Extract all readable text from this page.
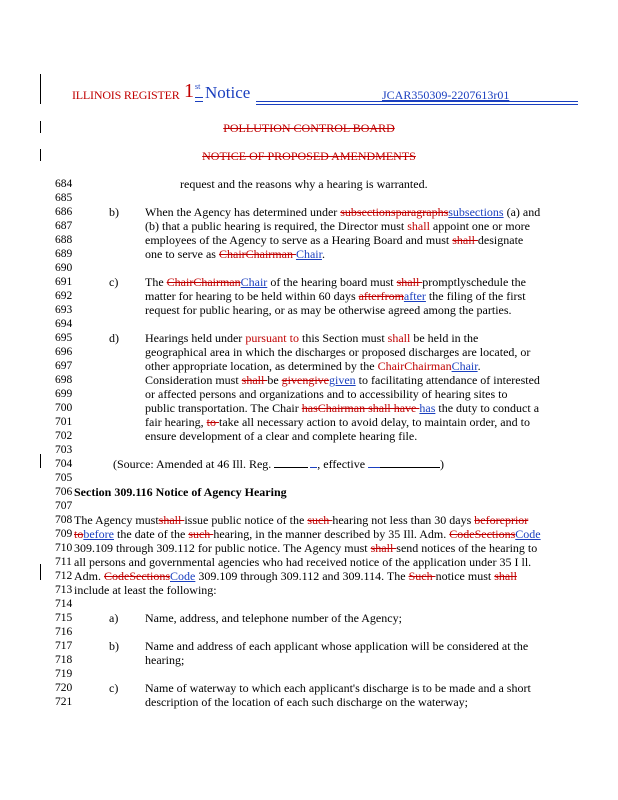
ILLINOIS REGISTER 1 st Notice	JCAR350309-2207613r01
POLLUTION CONTROL BOARD
NOTICE OF PROPOSED AMENDMENTS
684	request and the reasons why a hearing is warranted.
685
686	b) When the Agency has determined under subsectionsparagraphssubsections (a) and
687	(b) that a public hearing is required, the Director must shall appoint one or more
688	employees of the Agency to serve as a Hearing Board and must shall designate
689	one to serve as ChairChairman Chair.
690
691	c) The ChairChairmanChair of the hearing board must shall promptlyschedule the
692	matter for hearing to be held within 60 days afterfromafter the filing of the first
693	request for public hearing, or as may be otherwise agreed among the parties.
694
695	d) Hearings held under pursuant to this Section must shall be held in the
696	geographical area in which the discharges or proposed discharges are located, or
697	other appropriate location, as determined by the ChairChairmanChair.
698	Consideration must shall be givengivegiven to facilitating attendance of interested
699	or affected persons and organizations and to accessibility of hearing sites to
700	public transportation. The Chair hasChairman shall have has the duty to conduct a
701	fair hearing, to take all necessary action to avoid delay, to maintain order, and to
702	ensure development of a clear and complete hearing file.
703
704	(Source: Amended at 46 Ill. Reg.	, effective	)
705
706 Section 309.116 Notice of Agency Hearing
707
708 The Agency mustshall issue public notice of the such hearing not less than 30 days beforeprior
709 tobefore the date of the such hearing, in the manner described by 35 Ill. Adm. CodeSectionsCode
710 309.109 through 309.112 for public notice. The Agency must shall send notices of the hearing to
711 all persons and governmental agencies who had received notice of the application under 35 I ll.
712 Adm. CodeSectionsCode 309.109 through 309.112 and 309.114. The Such notice must shall
713 include at least the following:
714
715	a) Name, address, and telephone number of the Agency;
716
717	b) Name and address of each applicant whose application will be considered at the
718	hearing;
719
720	c) Name of waterway to which each applicant's discharge is to be made and a short
721	description of the location of each such discharge on the waterway;
